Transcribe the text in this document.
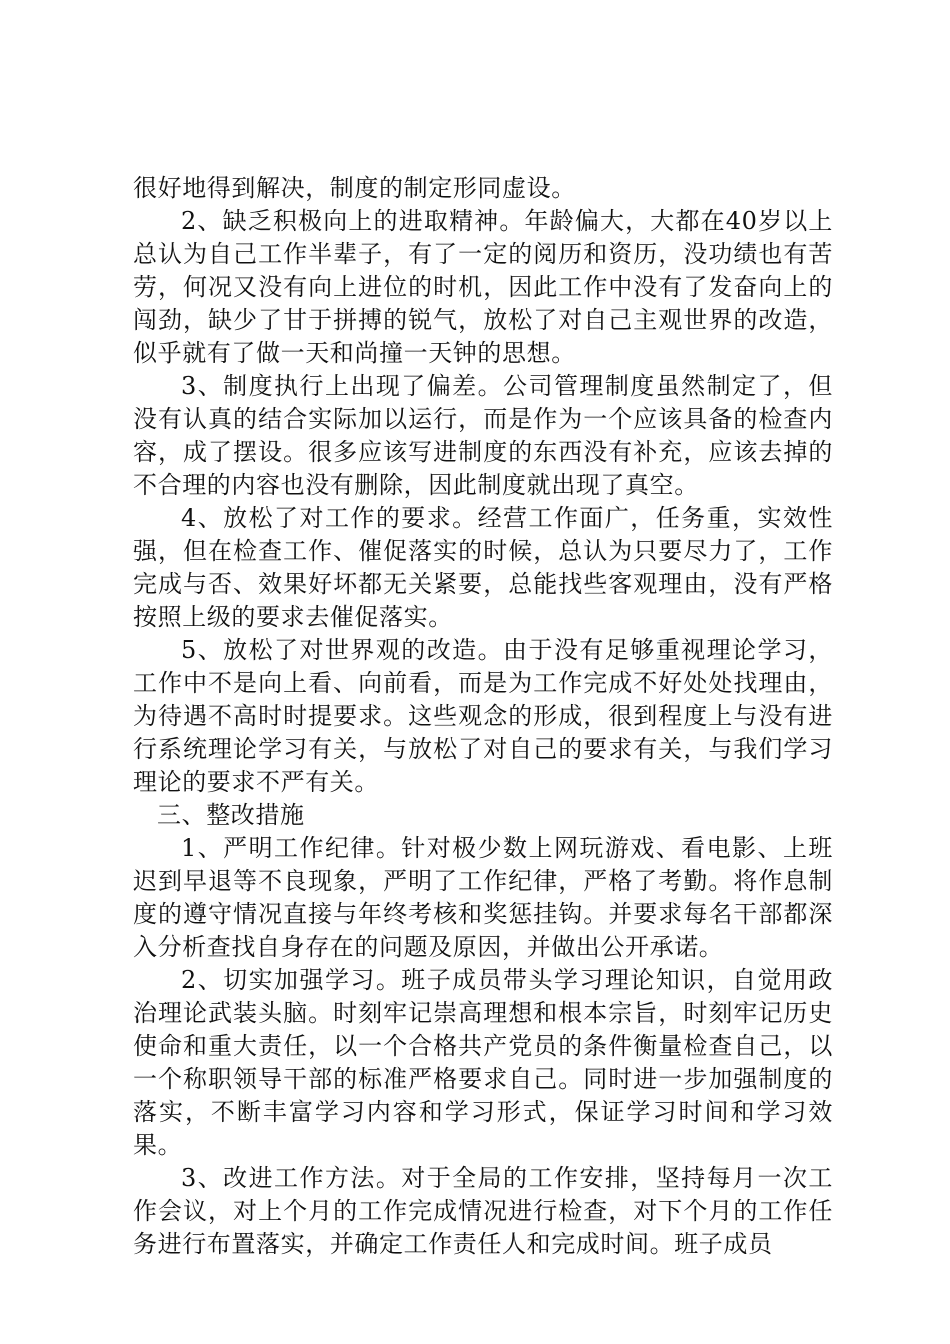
很好地得到解决，制度的制定形同虚设。

2、缺乏积极向上的进取精神。年龄偏大，大都在40岁以上总认为自己工作半辈子，有了一定的阅历和资历，没功绩也有苦劳，何况又没有向上进位的时机，因此工作中没有了发奋向上的闯劲，缺少了甘于拼搏的锐气，放松了对自己主观世界的改造，似乎就有了做一天和尚撞一天钟的思想。

3、制度执行上出现了偏差。公司管理制度虽然制定了，但没有认真的结合实际加以运行，而是作为一个应该具备的检查内容，成了摆设。很多应该写进制度的东西没有补充，应该去掉的不合理的内容也没有删除，因此制度就出现了真空。

4、放松了对工作的要求。经营工作面广，任务重，实效性强，但在检查工作、催促落实的时候，总认为只要尽力了，工作完成与否、效果好坏都无关紧要，总能找些客观理由，没有严格按照上级的要求去催促落实。

5、放松了对世界观的改造。由于没有足够重视理论学习，工作中不是向上看、向前看，而是为工作完成不好处处找理由，为待遇不高时时提要求。这些观念的形成，很到程度上与没有进行系统理论学习有关，与放松了对自己的要求有关，与我们学习理论的要求不严有关。

三、整改措施

1、严明工作纪律。针对极少数上网玩游戏、看电影、上班迟到早退等不良现象，严明了工作纪律，严格了考勤。将作息制度的遵守情况直接与年终考核和奖惩挂钩。并要求每名干部都深入分析查找自身存在的问题及原因，并做出公开承诺。

2、切实加强学习。班子成员带头学习理论知识，自觉用政治理论武装头脑。时刻牢记崇高理想和根本宗旨，时刻牢记历史使命和重大责任，以一个合格共产党员的条件衡量检查自己，以一个称职领导干部的标准严格要求自己。同时进一步加强制度的落实，不断丰富学习内容和学习形式，保证学习时间和学习效果。

3、改进工作方法。对于全局的工作安排，坚持每月一次工作会议，对上个月的工作完成情况进行检查，对下个月的工作任务进行布置落实，并确定工作责任人和完成时间。班子成员
